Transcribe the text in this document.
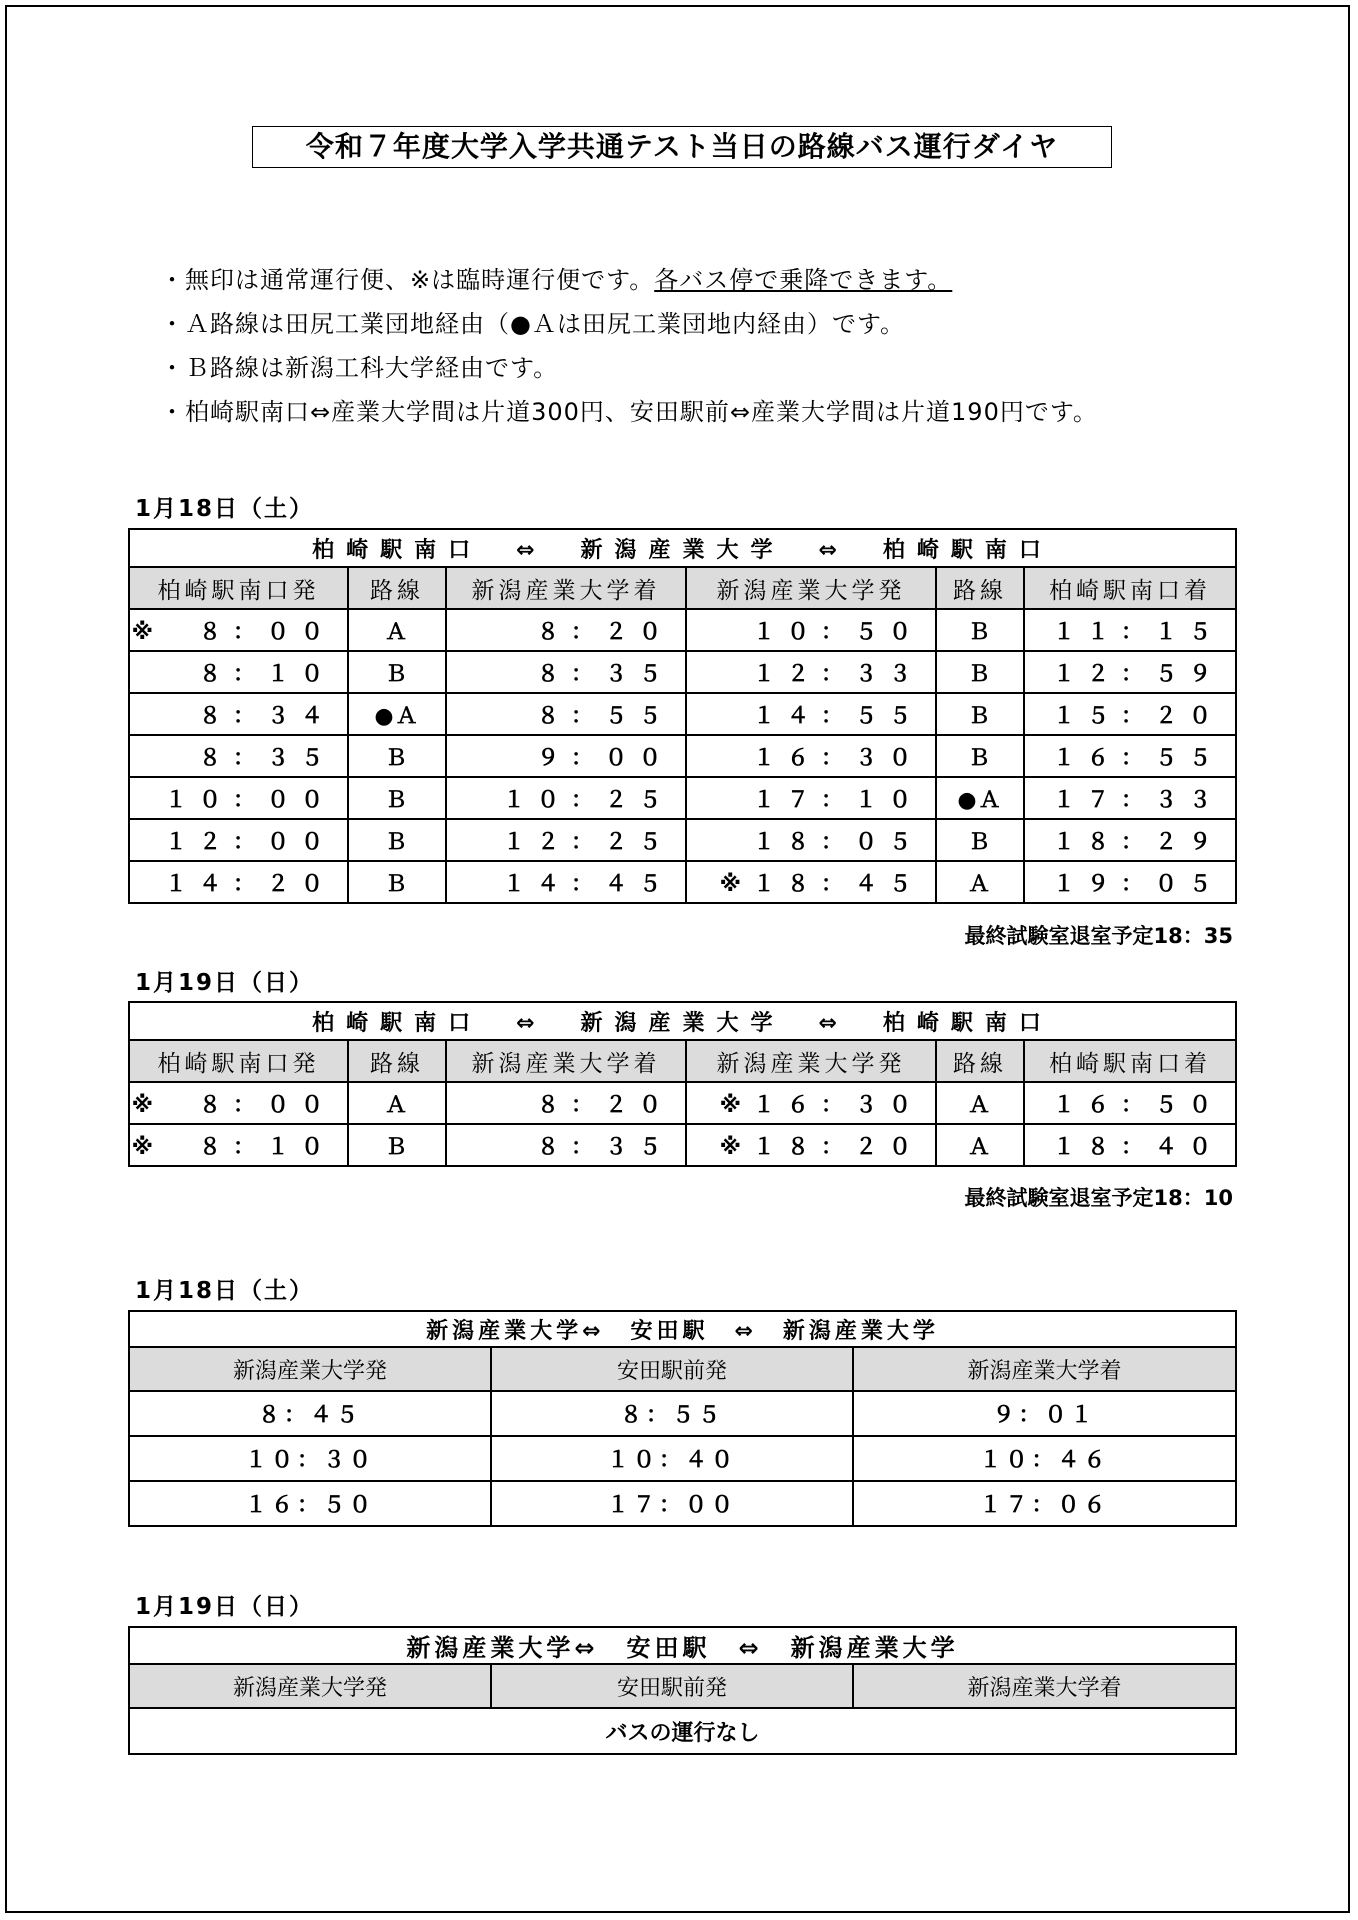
令和７年度大学入学共通テスト当日の路線バス運行ダイヤ
・無印は通常運行便、※は臨時運行便です。各バス停で乗降できます。
・Ａ路線は田尻工業団地経由（●Ａは田尻工業団地内経由）です。
・Ｂ路線は新潟工科大学経由です。
・柏崎駅南口⇔産業大学間は片道300円、安田駅前⇔産業大学間は片道190円です。
1月18日（土）
柏崎駅南口　⇔　新潟産業大学　⇔　柏崎駅南口					
柏崎駅南口発	路線	新潟産業大学着	新潟産業大学発	路線	柏崎駅南口着
※　８：００	Ａ	８：２０	１０：５０	Ｂ	１１：１５
８：１０	Ｂ	８：３５	１２：３３	Ｂ	１２：５９
８：３４	●Ａ	８：５５	１４：５５	Ｂ	１５：２０
８：３５	Ｂ	９：００	１６：３０	Ｂ	１６：５５
１０：００	Ｂ	１０：２５	１７：１０	●Ａ	１７：３３
１２：００	Ｂ	１２：２５	１８：０５	Ｂ	１８：２９
１４：２０	Ｂ	１４：４５	※１８：４５	Ａ	１９：０５
最終試験室退室予定18：35
1月19日（日）
柏崎駅南口　⇔　新潟産業大学　⇔　柏崎駅南口					
柏崎駅南口発	路線	新潟産業大学着	新潟産業大学発	路線	柏崎駅南口着
※　８：００	Ａ	８：２０	※１６：３０	Ａ	１６：５０
※　８：１０	Ｂ	８：３５	※１８：２０	Ａ	１８：４０
最終試験室退室予定18：10
1月18日（土）
新潟産業大学⇔　安田駅　⇔　新潟産業大学		
新潟産業大学発	安田駅前発	新潟産業大学着
８：４５	８：５５	９：０１
１０：３０	１０：４０	１０：４６
１６：５０	１７：００	１７：０６
1月19日（日）
新潟産業大学⇔　安田駅　⇔　新潟産業大学
新潟産業大学発	安田駅前発	新潟産業大学着
バスの運行なし
